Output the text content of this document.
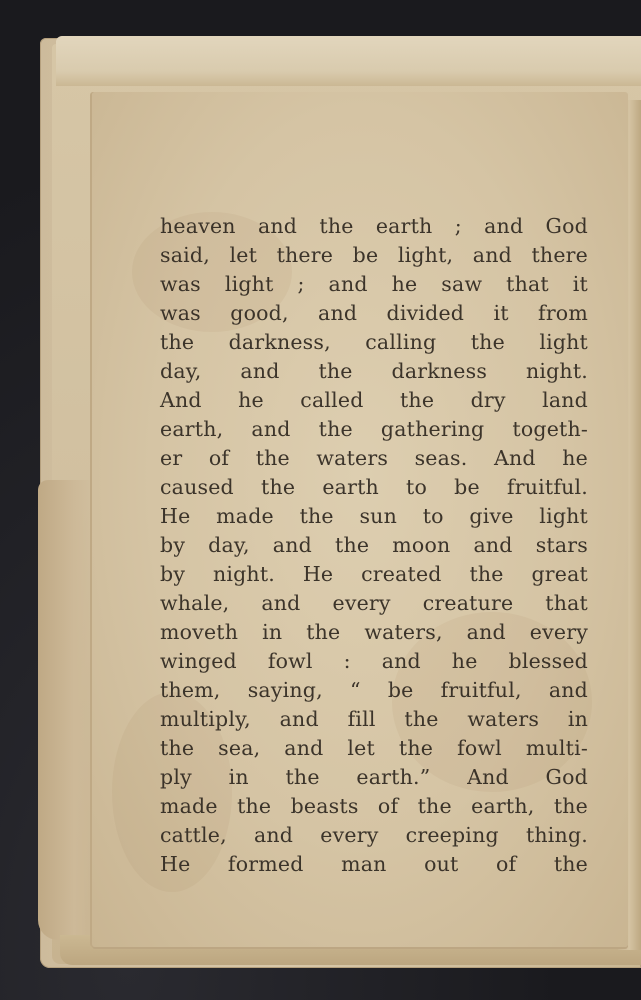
heaven and the earth ; and God
said, let there be light, and there
was light ; and he saw that it
was good, and divided it from
the darkness, calling the light
day, and the darkness night.
And he called the dry land
earth, and the gathering togeth-
er of the waters seas. And he
caused the earth to be fruitful.
He made the sun to give light
by day, and the moon and stars
by night. He created the great
whale, and every creature that
moveth in the waters, and every
winged fowl : and he blessed
them, saying, “ be fruitful, and
multiply, and fill the waters in
the sea, and let the fowl multi-
ply in the earth.” And God
made the beasts of the earth, the
cattle, and every creeping thing.
He formed man out of the
